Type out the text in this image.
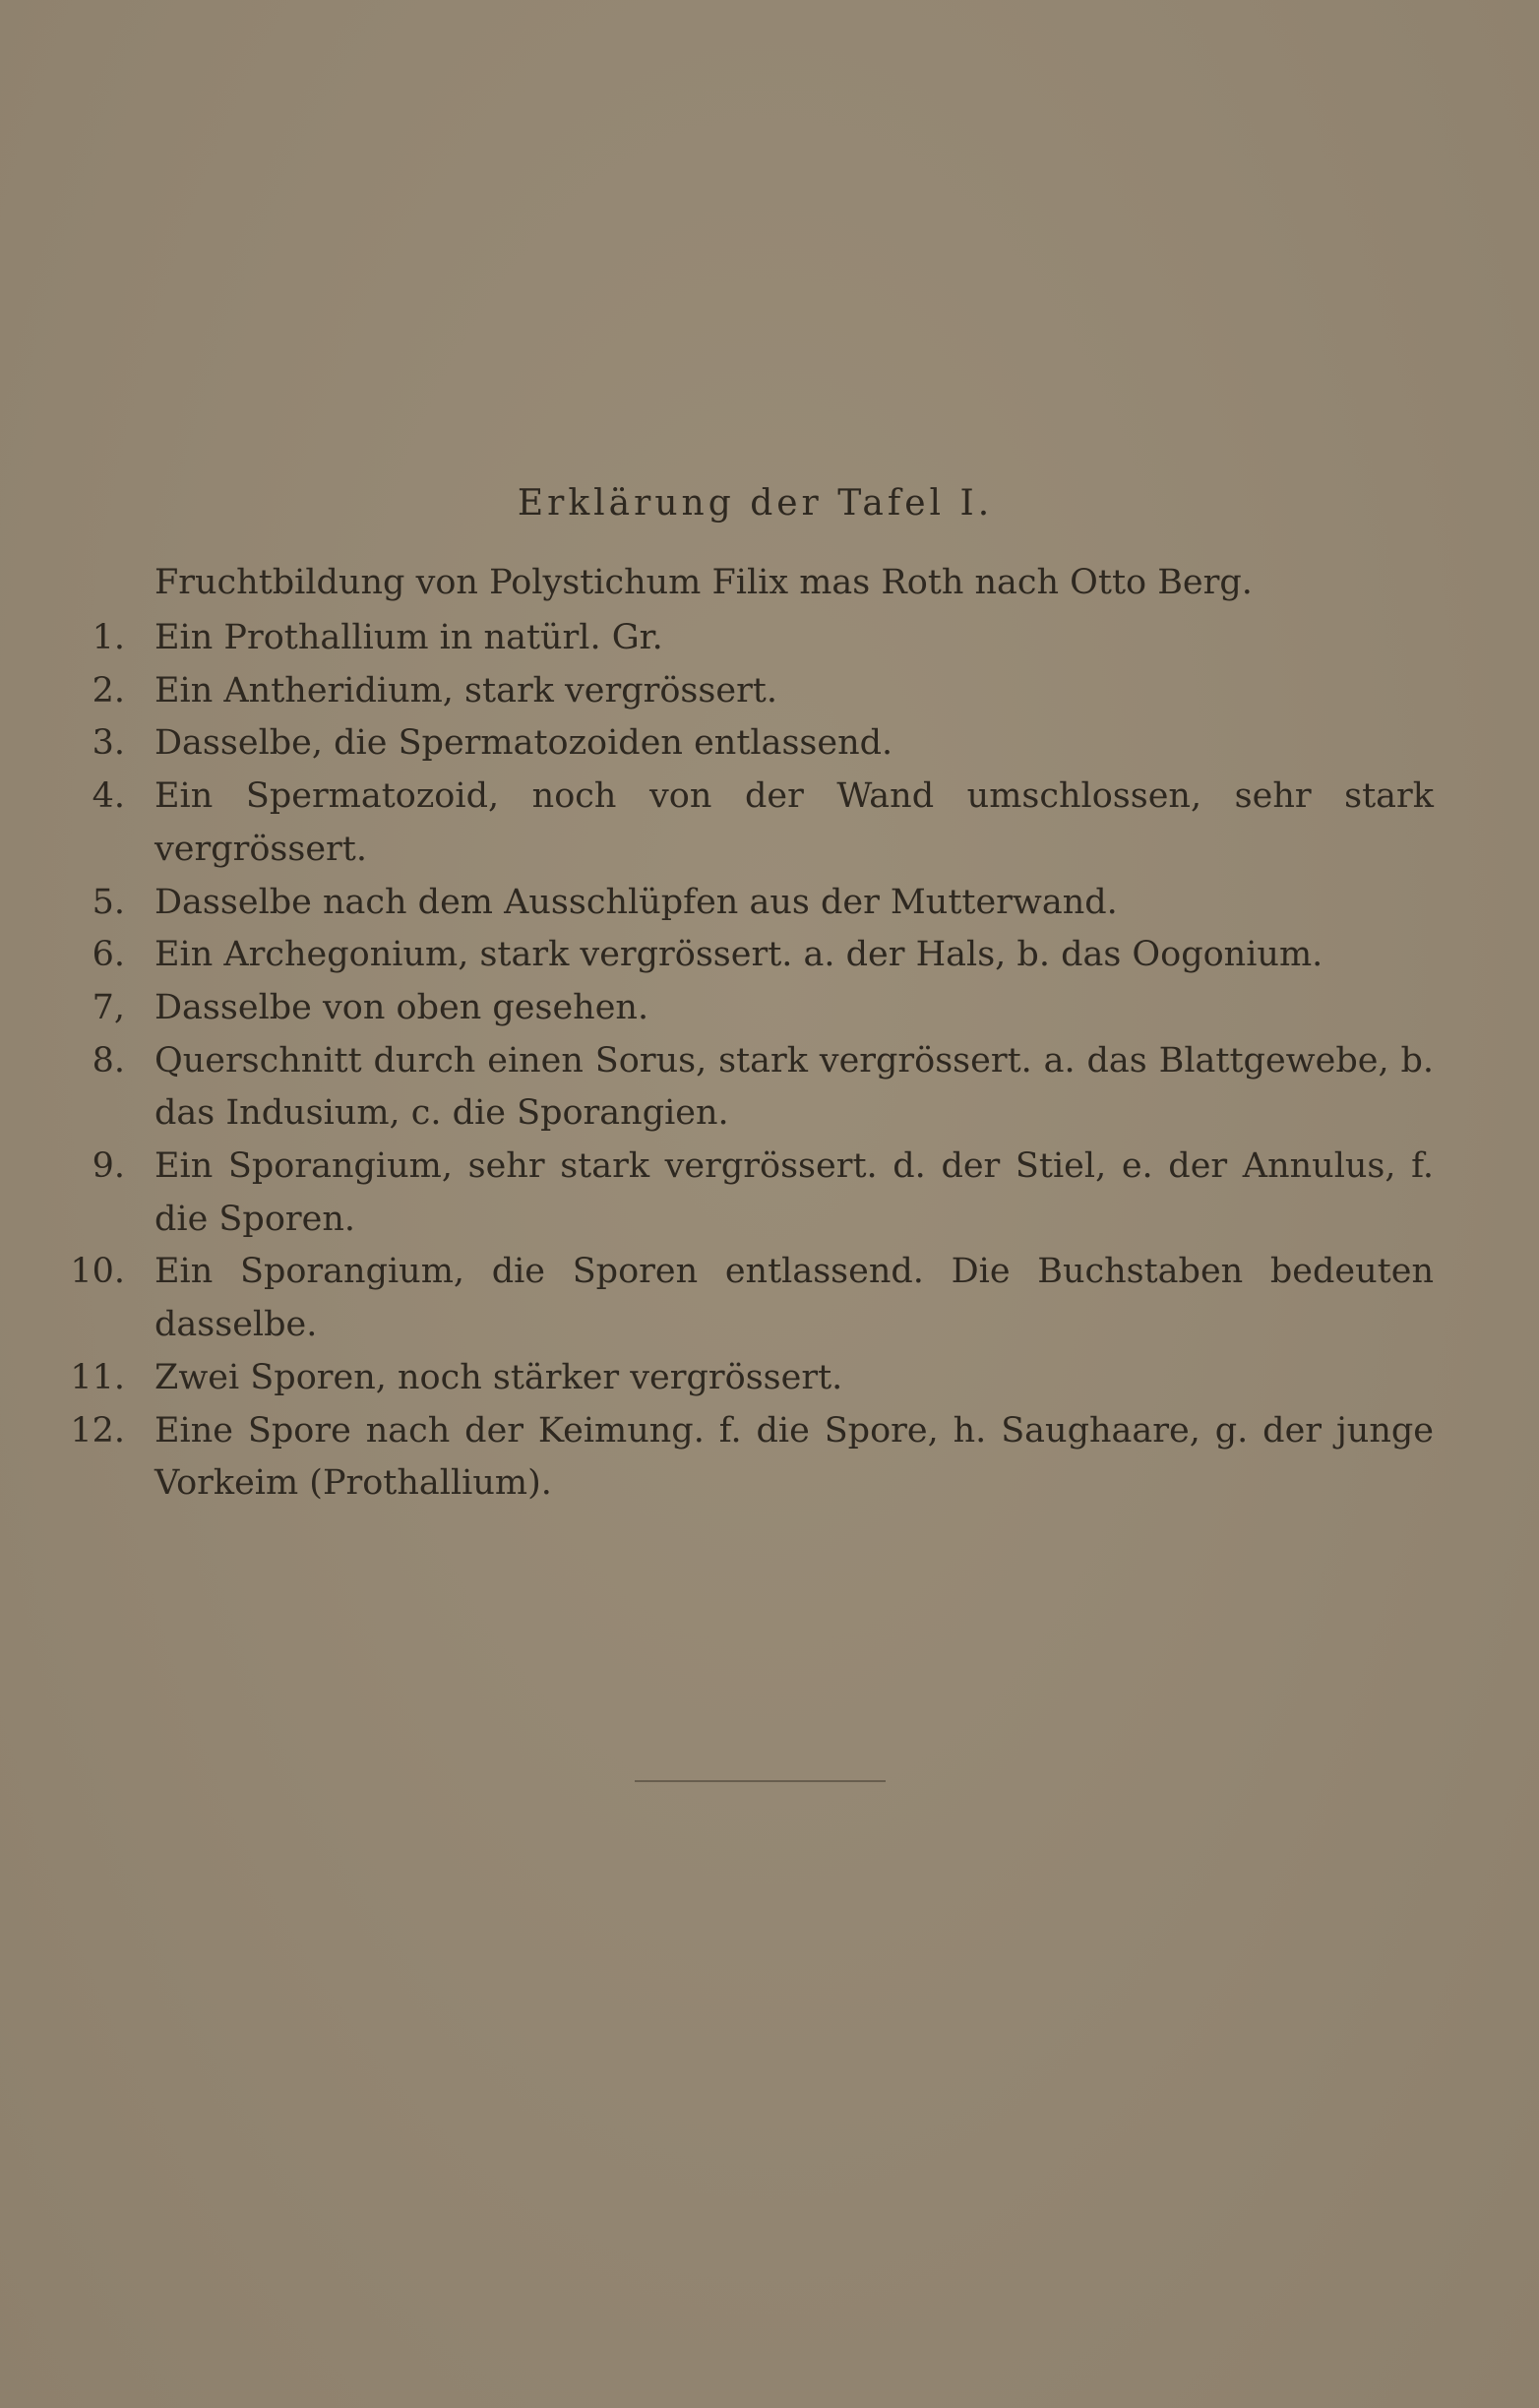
Erklärung der Tafel I.
Fruchtbildung von Polystichum Filix mas Roth nach Otto Berg.
1. Ein Prothallium in natürl. Gr.
2. Ein Antheridium, stark vergrössert.
3. Dasselbe, die Spermatozoiden entlassend.
4. Ein Spermatozoid, noch von der Wand umschlossen, sehr stark vergrössert.
5. Dasselbe nach dem Ausschlüpfen aus der Mutterwand.
6. Ein Archegonium, stark vergrössert. a. der Hals, b. das Oogonium.
7, Dasselbe von oben gesehen.
8. Querschnitt durch einen Sorus, stark vergrössert. a. das Blattgewebe, b. das Indusium, c. die Sporangien.
9. Ein Sporangium, sehr stark vergrössert. d. der Stiel, e. der Annulus, f. die Sporen.
10. Ein Sporangium, die Sporen entlassend. Die Buchstaben bedeuten dasselbe.
11. Zwei Sporen, noch stärker vergrössert.
12. Eine Spore nach der Keimung. f. die Spore, h. Saughaare, g. der junge Vorkeim (Prothallium).
